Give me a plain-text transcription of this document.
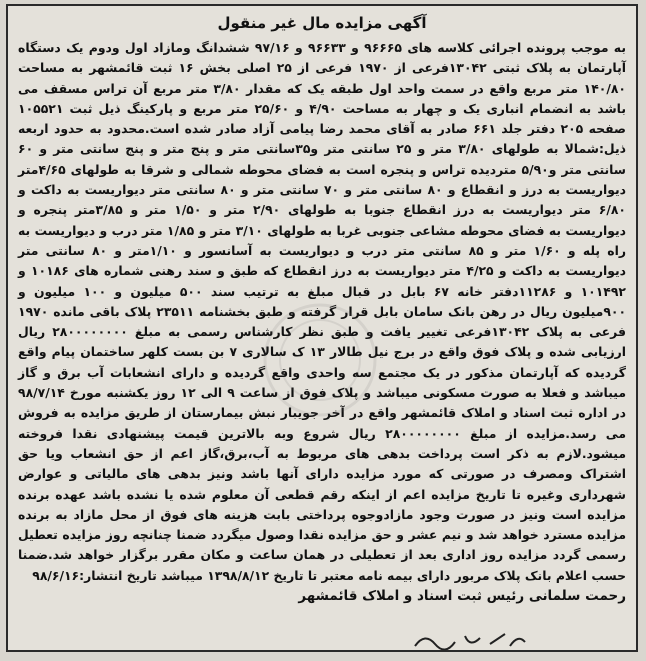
آگهی مزایده مال غیر منقول

به موجب پرونده اجرائی کلاسه های ۹۶۶۶۵ و ۹۶۶۳۳ و ۹۷/۱۶ ششدانگ ومازاد اول ودوم یک دستگاه آپارتمان به پلاک ثبتی ۱۳۰۴۲فرعی از ۱۹۷۰ فرعی از ۲۵ اصلی بخش ۱۶ ثبت قائمشهر به مساحت ۱۴۰/۸۰ متر مربع واقع در سمت واحد اول طبقه یک که مقدار ۳/۸۰ متر مربع آن تراس مسقف می باشد به انضمام انباری یک و چهار به مساحت ۴/۹۰ و ۲۵/۶۰ متر مربع و پارکینگ ذیل ثبت ۱۰۵۵۲۱ صفحه ۲۰۵ دفتر جلد ۶۶۱ صادر به آقای محمد رضا پیامی آزاد صادر شده است.محدود به حدود اربعه ذیل:شمالا به طولهای ۳/۸۰ متر و ۲۵ سانتی متر و۳۵سانتی متر و پنج متر و پنج سانتی متر و ۶۰ سانتی متر و۵/۹۰ متردیده تراس و پنجره است به فضای محوطه شمالی و شرقا به طولهای ۴/۶۵متر دیواریست به درز و انقطاع و ۸۰ سانتی متر و ۷۰ سانتی متر و ۸۰ سانتی متر دیواریست به داکت و ۶/۸۰ متر دیواریست به درز انقطاع جنوبا به طولهای ۲/۹۰ متر و ۱/۵۰ متر و ۳/۸۵متر پنجره و دیواریست به فضای محوطه مشاعی جنوبی غربا به طولهای ۳/۱۰ متر و ۱/۸۵ متر درب و دیواریست به راه پله و ۱/۶۰ متر و ۸۵ سانتی متر درب و دیواریست به آسانسور و ۱/۱۰متر و ۸۰ سانتی متر دیواریست به داکت و ۴/۲۵ متر دیواریست به درز انقطاع که طبق و سند رهنی شماره های ۱۰۱۸۶ و ۱۰۱۴۹۲ و ۱۱۲۸۶دفتر خانه ۶۷ بابل در قبال مبلغ به ترتیب سند ۵۰۰ میلیون و ۱۰۰ میلیون و ۹۰۰میلیون ریال در رهن بانک سامان بابل قرار گرفته و طبق بخشنامه ۲۳۵۱۱ پلاک باقی مانده ۱۹۷۰ فرعی به پلاک ۱۳۰۴۲فرعی تغییر یافت و طبق نظر کارشناس رسمی به مبلغ ۲۸۰۰۰۰۰۰۰۰ ریال ارزیابی شده و پلاک فوق واقع در برج نیل طالار ۱۳ ک سالاری ۷ بن بست کلهر ساختمان پیام واقع گردیده که آپارتمان مذکور در یک مجتمع سه واحدی واقع گردیده و دارای انشعابات آب برق و گاز میباشد و فعلا به صورت مسکونی میباشد و پلاک فوق از ساعت ۹ الی ۱۲ روز یکشنبه مورخ ۹۸/۷/۱۴ در اداره ثبت اسناد و املاک قائمشهر واقع در آخر جویبار نبش بیمارستان از طریق مزایده به فروش می رسد.مزایده از مبلغ ۲۸۰۰۰۰۰۰۰۰ ریال شروع وبه بالاترین قیمت پیشنهادی نقدا فروخته میشود.لازم به ذکر است پرداخت بدهی های مربوط به آب،برق،گاز اعم از حق انشعاب ویا حق اشتراک ومصرف در صورتی که مورد مزایده دارای آنها باشد ونیز بدهی های مالیاتی و عوارض شهرداری وغیره تا تاریخ مزایده اعم از اینکه رقم قطعی آن معلوم شده یا نشده باشد عهده برنده مزایده است ونیز در صورت وجود مازادوجوه پرداختی بابت هزینه های فوق از محل مازاد به برنده مزایده مسترد خواهد شد و نیم عشر و حق مزایده نقدا وصول میگردد ضمنا چنانچه روز مزایده تعطیل رسمی گردد مزایده روز اداری بعد از تعطیلی در همان ساعت و مکان مقرر برگزار خواهد شد.ضمنا حسب اعلام بانک پلاک مربور دارای بیمه نامه معتبر تا تاریخ ۱۳۹۸/۸/۱۲ میباشد تاریخ انتشار:۹۸/۶/۱۶

رحمت سلمانی رئیس ثبت اسناد و املاک قائمشهر
